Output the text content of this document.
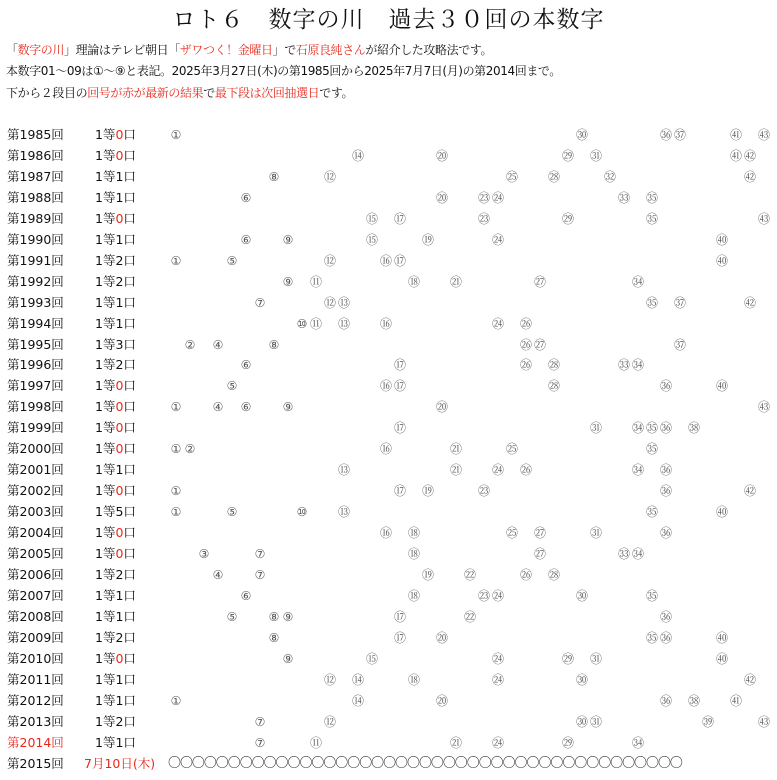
ロト６　数字の川　過去３０回の本数字
「数字の川」理論はテレビ朝日「ザワつく！金曜日」で石原良純さんが紹介した攻略法です。
本数字01〜09は①〜⑨と表記。2025年3月27日(木)の第1985回から2025年7月7日(月)の第2014回まで。
下から２段目の回号が赤が最新の結果で最下段は次回抽選日です。
第1985回 1等0口	①	㉚	㊱ ㊲	㊶ ㊸
第1986回 1等0口	⑭	⑳	㉙ ㉛	㊶ ㊷
第1987回 1等1口	⑧	⑫	㉕ ㉘	㉜	㊷
第1988回 1等1口	⑥	⑳ ㉓ ㉔	㉝ ㉟
第1989回 1等0口	⑮ ⑰	㉓	㉙	㉟	㊸
第1990回 1等1口	⑥	⑨	⑮	⑲	㉔	㊵
第1991回 1等2口	①	⑤	⑫	⑯ ⑰	㊵
第1992回 1等2口	⑨ ⑪	⑱ ㉑	㉗	㉞
第1993回 1等1口	⑦	⑫ ⑬	㉟ ㊲	㊷
第1994回 1等1口	⑩ ⑪ ⑬ ⑯	㉔ ㉖
第1995回 1等3口	② ④	⑧	㉖ ㉗	㊲
第1996回 1等2口	⑥	⑰	㉖ ㉘	㉝ ㉞
第1997回 1等0口	⑤	⑯ ⑰	㉘	㊱	㊵
第1998回 1等0口	①	④ ⑥	⑨	⑳	㊸
第1999回 1等0口	⑰	㉛ ㉞ ㉟ ㊱ ㊳
第2000回 1等0口	① ②	⑯	㉑	㉕	㉟
第2001回 1等1口	⑬	㉑ ㉔ ㉖	㉞ ㊱
第2002回 1等0口	①	⑰ ⑲	㉓	㊱	㊷
第2003回 1等5口	①	⑤	⑩	⑬	㉟	㊵
第2004回 1等0口	⑯ ⑱	㉕ ㉗	㉛	㊱
第2005回 1等0口	③	⑦	⑱	㉗	㉝ ㉞
第2006回 1等2口	④	⑦	⑲ ㉒	㉖ ㉘
第2007回 1等1口	⑥	⑱	㉓ ㉔	㉚	㉟
第2008回 1等1口	⑤	⑧ ⑨	⑰	㉒	㊱
第2009回 1等2口	⑧	⑰ ⑳	㉟ ㊱	㊵
第2010回 1等0口	⑨	⑮	㉔	㉙ ㉛	㊵
第2011回 1等1口	⑫ ⑭	⑱	㉔	㉚	㊷
第2012回 1等1口	①	⑭	⑳	㊱ ㊳ ㊶
第2013回 1等2口	⑦	⑫	㉚ ㉛	㊴	㊸
第2014回 1等1口	⑦	⑪	㉑ ㉔	㉙	㉞
第2015回 7月10日(木) 〇〇〇〇〇〇〇〇〇〇〇〇〇〇〇〇〇〇〇〇〇〇〇〇〇〇〇〇〇〇〇〇〇〇〇〇〇〇〇〇〇〇〇
